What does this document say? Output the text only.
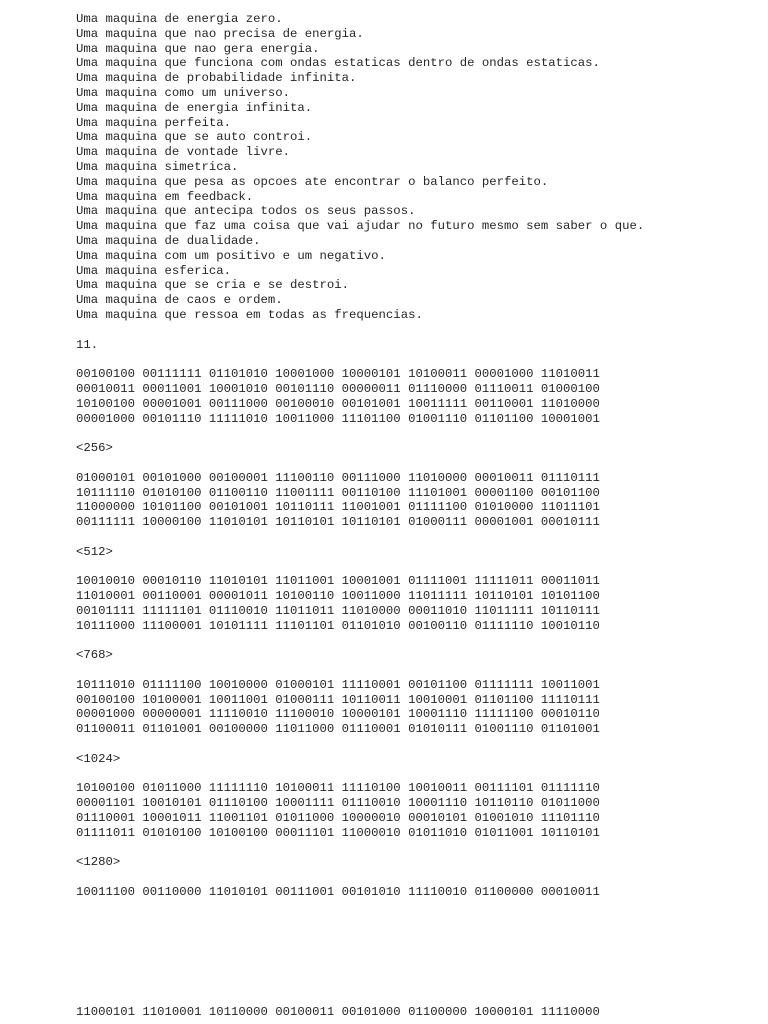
Uma maquina de energia zero.
Uma maquina que nao precisa de energia.
Uma maquina que nao gera energia.
Uma maquina que funciona com ondas estaticas dentro de ondas estaticas.
Uma maquina de probabilidade infinita.
Uma maquina como um universo.
Uma maquina de energia infinita.
Uma maquina perfeita.
Uma maquina que se auto controi.
Uma maquina de vontade livre.
Uma maquina simetrica.
Uma maquina que pesa as opcoes ate encontrar o balanco perfeito.
Uma maquina em feedback.
Uma maquina que antecipa todos os seus passos.
Uma maquina que faz uma coisa que vai ajudar no futuro mesmo sem saber o que.
Uma maquina de dualidade.
Uma maquina com um positivo e um negativo.
Uma maquina esferica.
Uma maquina que se cria e se destroi.
Uma maquina de caos e ordem.
Uma maquina que ressoa em todas as frequencias.
11.
00100100 00111111 01101010 10001000 10000101 10100011 00001000 11010011
00010011 00011001 10001010 00101110 00000011 01110000 01110011 01000100
10100100 00001001 00111000 00100010 00101001 10011111 00110001 11010000
00001000 00101110 11111010 10011000 11101100 01001110 01101100 10001001
<256>
01000101 00101000 00100001 11100110 00111000 11010000 00010011 01110111
10111110 01010100 01100110 11001111 00110100 11101001 00001100 00101100
11000000 10101100 00101001 10110111 11001001 01111100 01010000 11011101
00111111 10000100 11010101 10110101 10110101 01000111 00001001 00010111
<512>
10010010 00010110 11010101 11011001 10001001 01111001 11111011 00011011
11010001 00110001 00001011 10100110 10011000 11011111 10110101 10101100
00101111 11111101 01110010 11011011 11010000 00011010 11011111 10110111
10111000 11100001 10101111 11101101 01101010 00100110 01111110 10010110
<768>
10111010 01111100 10010000 01000101 11110001 00101100 01111111 10011001
00100100 10100001 10011001 01000111 10110011 10010001 01101100 11110111
00001000 00000001 11110010 11100010 10000101 10001110 11111100 00010110
01100011 01101001 00100000 11011000 01110001 01010111 01001110 01101001
<1024>
10100100 01011000 11111110 10100011 11110100 10010011 00111101 01111110
00001101 10010101 01110100 10001111 01110010 10001110 10110110 01011000
01110001 10001011 11001101 01011000 10000010 00010101 01001010 11101110
01111011 01010100 10100100 00011101 11000010 01011010 01011001 10110101
<1280>
10011100 00110000 11010101 00111001 00101010 11110010 01100000 00010011
11000101 11010001 10110000 00100011 00101000 01100000 10000101 11110000
